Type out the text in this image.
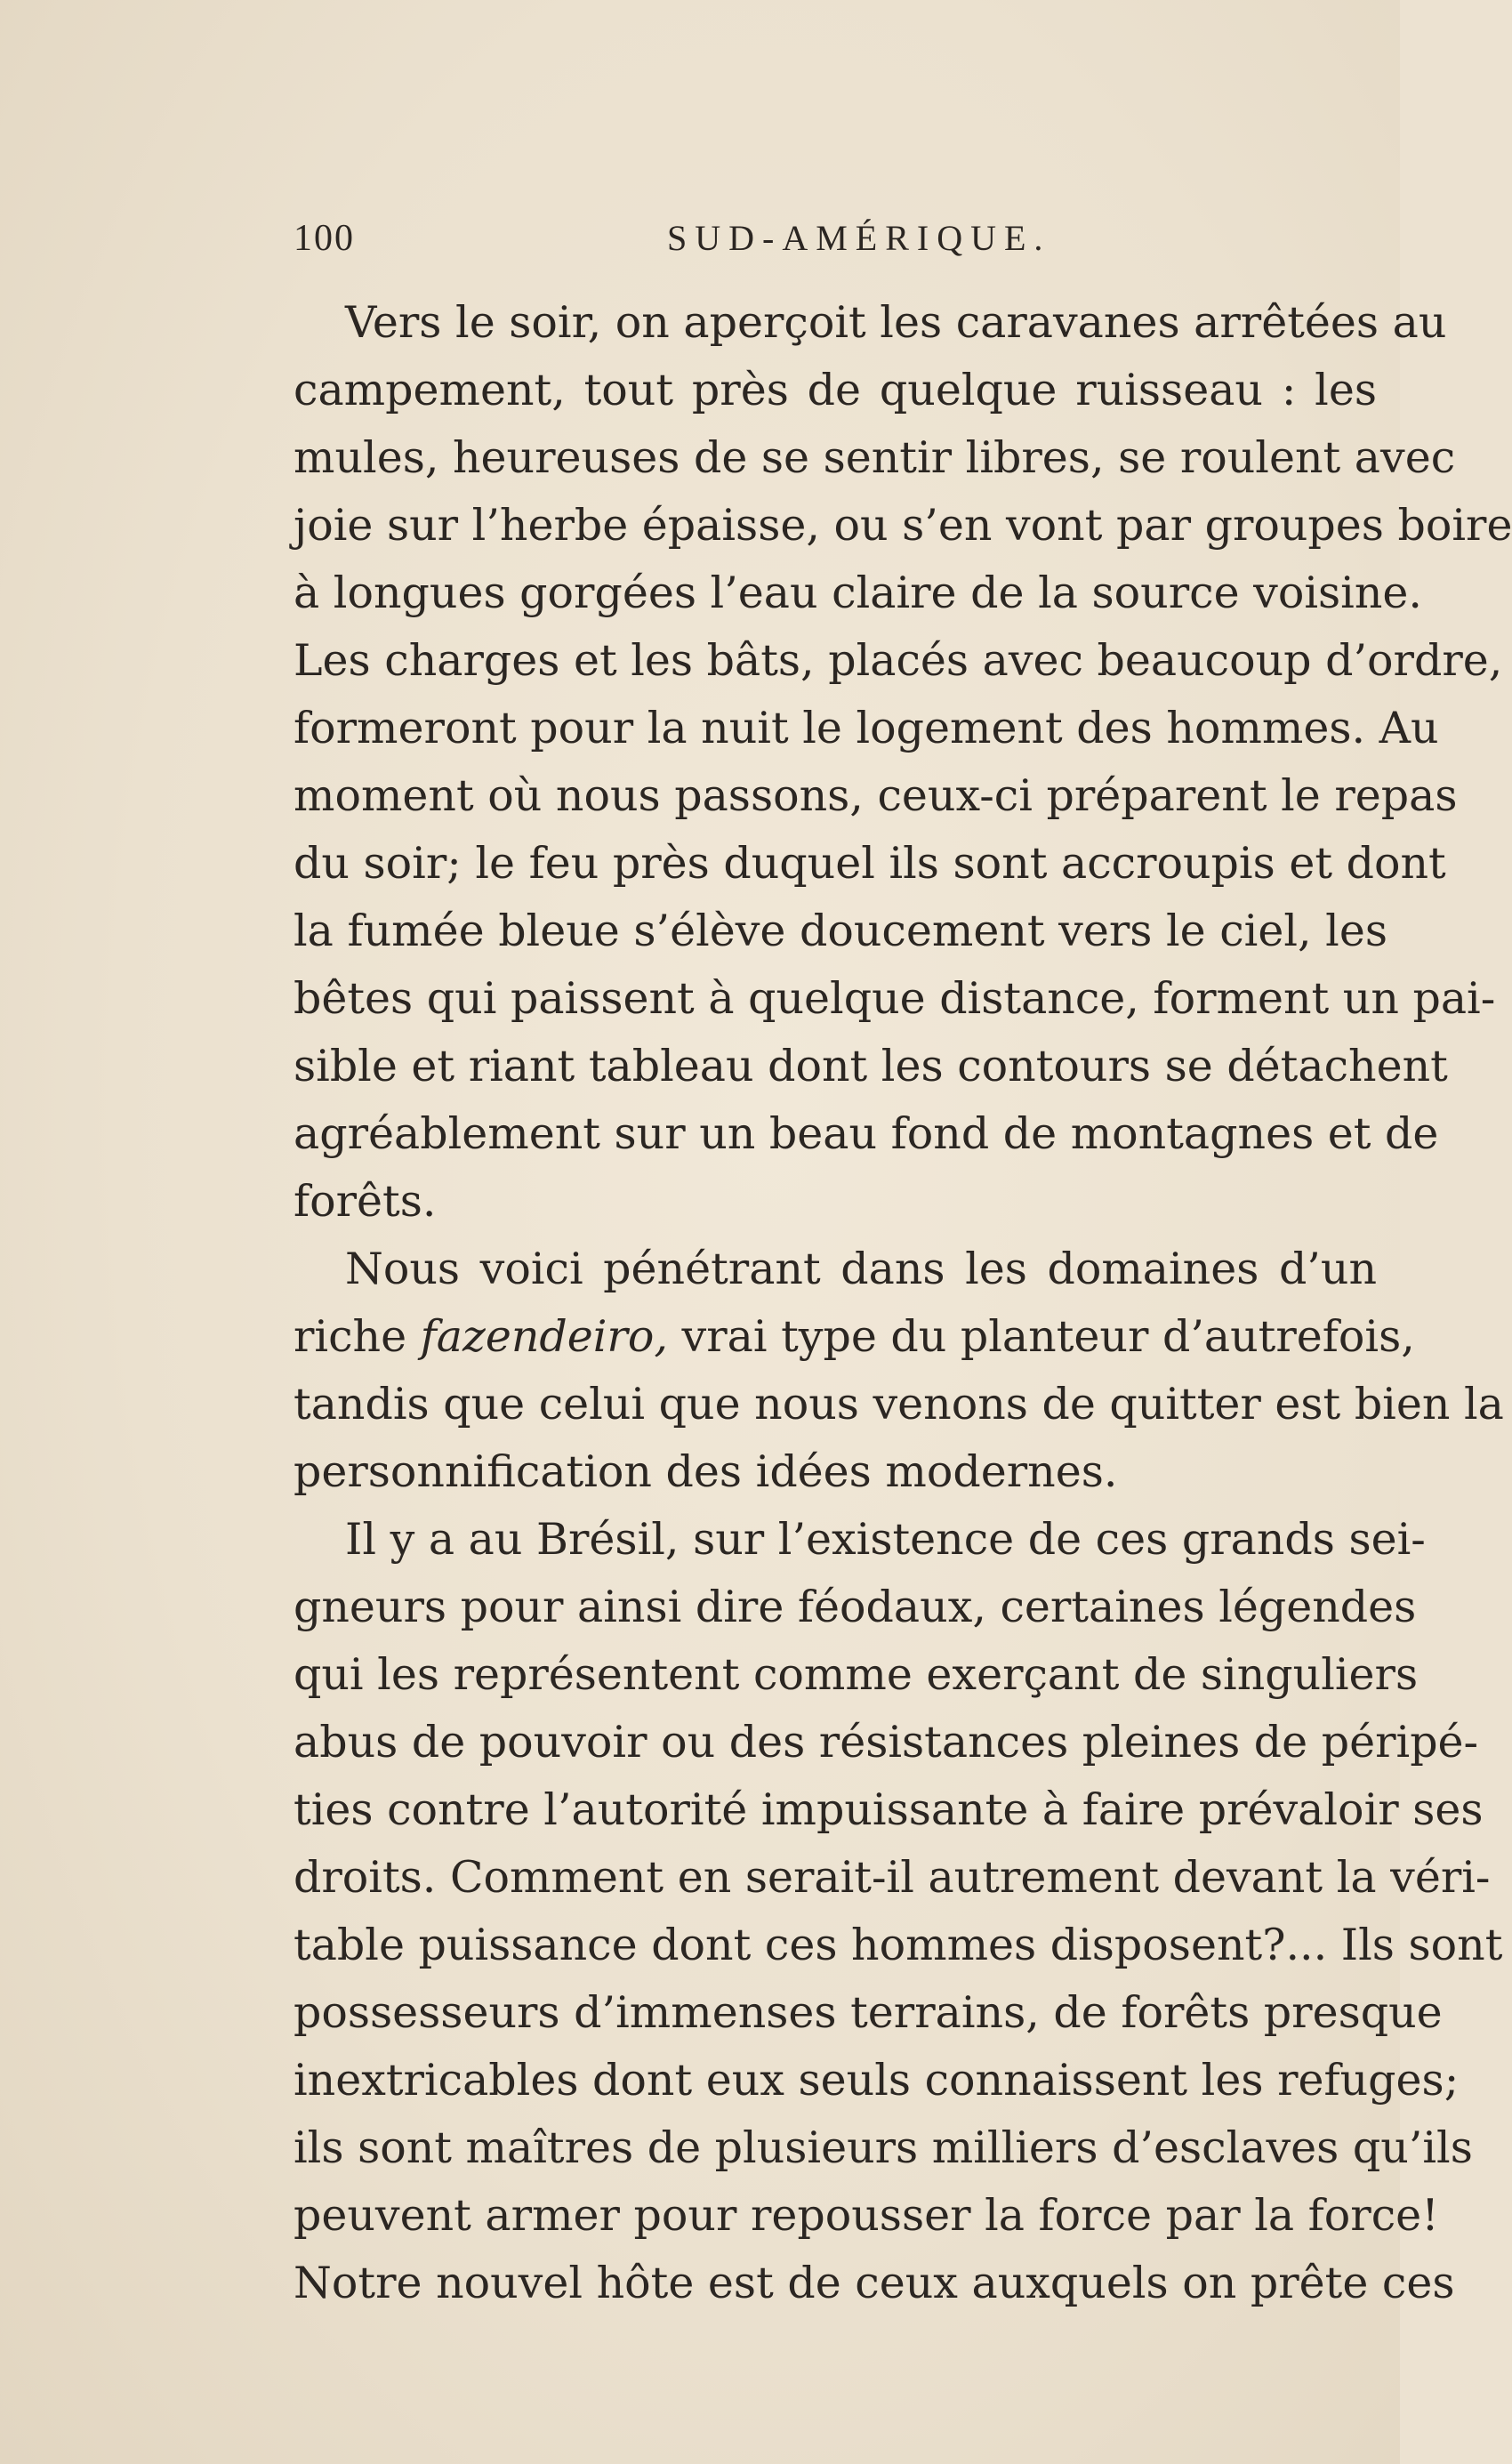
100	SUD-AMÉRIQUE.
Vers le soir, on aperçoit les caravanes arrêtées au
campement, tout près de quelque ruisseau : les
mules, heureuses de se sentir libres, se roulent avec
joie sur l’herbe épaisse, ou s’en vont par groupes boire
à longues gorgées l’eau claire de la source voisine.
Les charges et les bâts, placés avec beaucoup d’ordre,
formeront pour la nuit le logement des hommes. Au
moment où nous passons, ceux-ci préparent le repas
du soir; le feu près duquel ils sont accroupis et dont
la fumée bleue s’élève doucement vers le ciel, les
bêtes qui paissent à quelque distance, forment un pai-
sible et riant tableau dont les contours se détachent
agréablement sur un beau fond de montagnes et de
forêts.
Nous voici pénétrant dans les domaines d’un
riche fazendeiro, vrai type du planteur d’autrefois,
tandis que celui que nous venons de quitter est bien la
personnification des idées modernes.
Il y a au Brésil, sur l’existence de ces grands sei-
gneurs pour ainsi dire féodaux, certaines légendes
qui les représentent comme exerçant de singuliers
abus de pouvoir ou des résistances pleines de péripé-
ties contre l’autorité impuissante à faire prévaloir ses
droits. Comment en serait-il autrement devant la véri-
table puissance dont ces hommes disposent?... Ils sont
possesseurs d’immenses terrains, de forêts presque
inextricables dont eux seuls connaissent les refuges;
ils sont maîtres de plusieurs milliers d’esclaves qu’ils
peuvent armer pour repousser la force par la force!
Notre nouvel hôte est de ceux auxquels on prête ces
